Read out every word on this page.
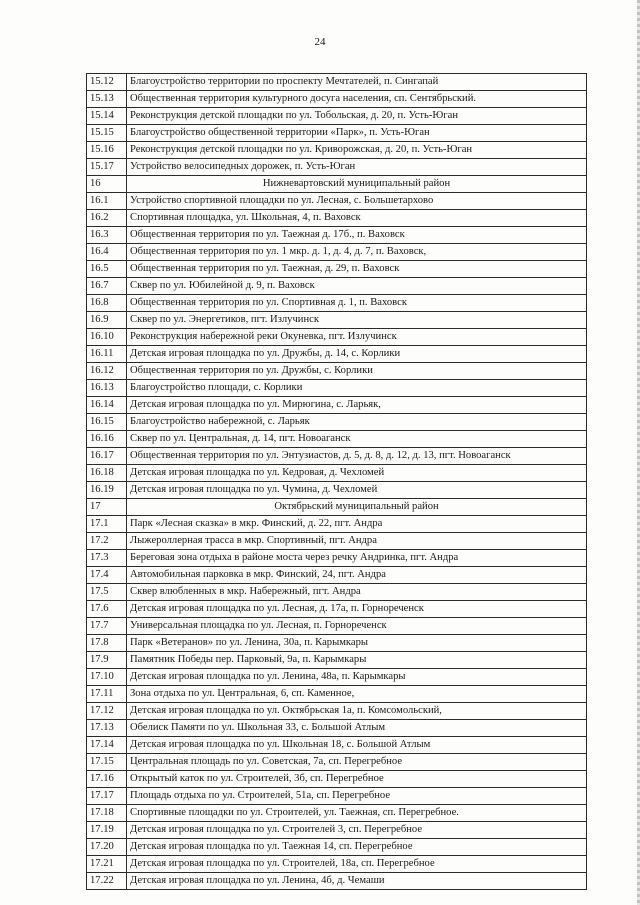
24
15.12	Благоустройство территории по проспекту Мечтателей, п. Сингапай
15.13	Общественная территория культурного досуга населения, сп. Сентябрьский.
15.14	Реконструкция детской площадки по ул. Тобольская, д. 20, п. Усть-Юган
15.15	Благоустройство общественной территории «Парк», п. Усть-Юган
15.16	Реконструкция детской площадки по ул. Криворожская, д. 20, п. Усть-Юган
15.17	Устройство велосипедных дорожек, п. Усть-Юган
16	Нижневартовский муниципальный район
16.1	Устройство спортивной площадки по ул. Лесная, с. Большетархово
16.2	Спортивная площадка, ул. Школьная, 4, п. Ваховск
16.3	Общественная территория по ул. Таежная д. 17б., п. Ваховск
16.4	Общественная территория по ул. 1 мкр. д. 1, д. 4, д. 7, п. Ваховск,
16.5	Общественная территория по ул. Таежная, д. 29, п. Ваховск
16.7	Сквер по ул. Юбилейной д. 9, п. Ваховск
16.8	Общественная территория по ул. Спортивная д. 1, п. Ваховск
16.9	Сквер по ул. Энергетиков, пгт. Излучинск
16.10	Реконструкция набережной реки Окуневка, пгт. Излучинск
16.11	Детская игровая площадка по ул. Дружбы, д. 14, с. Корлики
16.12	Общественная территория по ул. Дружбы, с. Корлики
16.13	Благоустройство площади, с. Корлики
16.14	Детская игровая площадка по ул. Мирюгина, с. Ларьяк,
16.15	Благоустройство набережной, с. Ларьяк
16.16	Сквер по ул. Центральная, д. 14, пгт. Новоаганск
16.17	Общественная территория по ул. Энтузиастов, д. 5, д. 8, д. 12, д. 13, пгт. Новоаганск
16.18	Детская игровая площадка по ул. Кедровая, д. Чехломей
16.19	Детская игровая площадка по ул. Чумина, д. Чехломей
17	Октябрьский муниципальный район
17.1	Парк «Лесная сказка» в мкр. Финский, д. 22, пгт. Андра
17.2	Лыжероллерная трасса в мкр. Спортивный, пгт. Андра
17.3	Береговая зона отдыха в районе моста через речку Андринка, пгт. Андра
17.4	Автомобильная парковка в мкр. Финский, 24, пгт. Андра
17.5	Сквер влюбленных в мкр. Набережный, пгт. Андра
17.6	Детская игровая площадка по ул. Лесная, д. 17а, п. Горнореченск
17.7	Универсальная площадка по ул. Лесная, п. Горнореченск
17.8	Парк «Ветеранов» по ул. Ленина, 30а, п. Карымкары
17.9	Памятник Победы пер. Парковый, 9а, п. Карымкары
17.10	Детская игровая площадка по ул. Ленина, 48а, п. Карымкары
17.11	Зона отдыха по ул. Центральная, 6, сп. Каменное,
17.12	Детская игровая площадка по ул. Октябрьская 1а, п. Комсомольский,
17.13	Обелиск Памяти по ул. Школьная 33, с. Большой Атлым
17.14	Детская игровая площадка по ул. Школьная 18, с. Большой Атлым
17.15	Центральная площадь по ул. Советская, 7а, сп. Перегребное
17.16	Открытый каток по ул. Строителей, 3б, сп. Перегребное
17.17	Площадь отдыха по ул. Строителей, 51а, сп. Перегребное
17.18	Спортивные площадки по ул. Строителей, ул. Таежная, сп. Перегребное.
17.19	Детская игровая площадка по ул. Строителей 3, сп. Перегребное
17.20	Детская игровая площадка по ул. Таежная 14, сп. Перегребное
17.21	Детская игровая площадка по ул. Строителей, 18а, сп. Перегребное
17.22	Детская игровая площадка по ул. Ленина, 4б, д. Чемаши
